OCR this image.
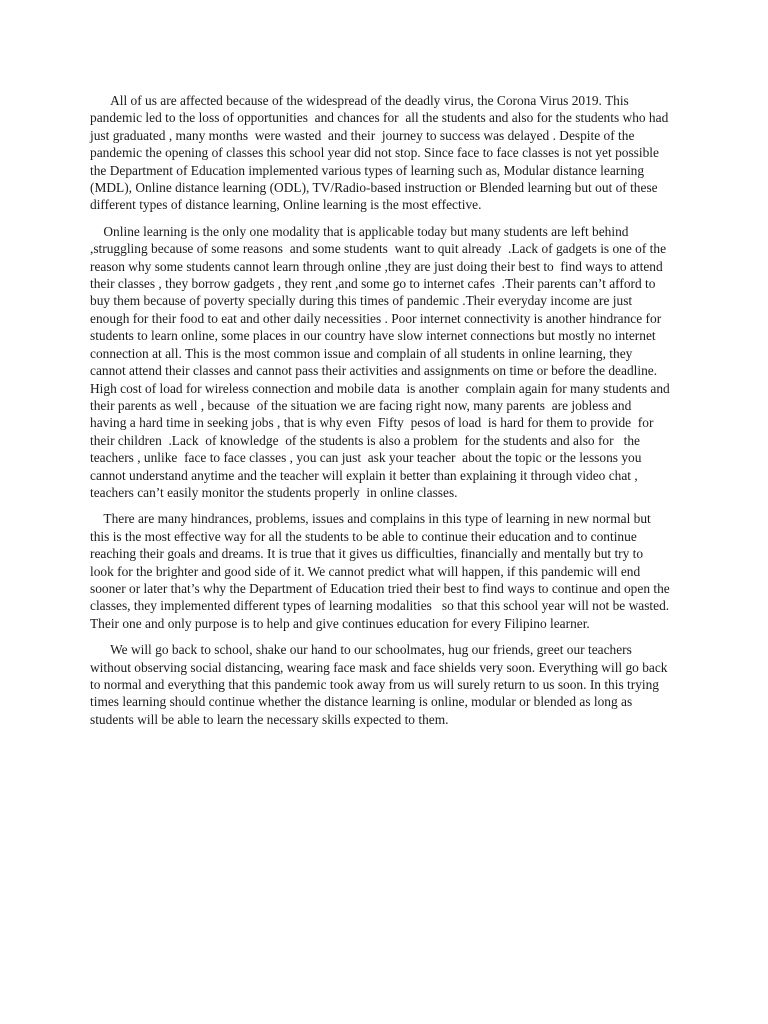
All of us are affected because of the widespread of the deadly virus, the Corona Virus 2019. This pandemic led to the loss of opportunities  and chances for  all the students and also for the students who had just graduated , many months  were wasted  and their  journey to success was delayed . Despite of the pandemic the opening of classes this school year did not stop. Since face to face classes is not yet possible the Department of Education implemented various types of learning such as, Modular distance learning (MDL), Online distance learning (ODL), TV/Radio-based instruction or Blended learning but out of these different types of distance learning, Online learning is the most effective.

Online learning is the only one modality that is applicable today but many students are left behind ,struggling because of some reasons  and some students  want to quit already  .Lack of gadgets is one of the reason why some students cannot learn through online ,they are just doing their best to  find ways to attend their classes , they borrow gadgets , they rent ,and some go to internet cafes  .Their parents can’t afford to buy them because of poverty specially during this times of pandemic .Their everyday income are just enough for their food to eat and other daily necessities . Poor internet connectivity is another hindrance for students to learn online, some places in our country have slow internet connections but mostly no internet connection at all. This is the most common issue and complain of all students in online learning, they cannot attend their classes and cannot pass their activities and assignments on time or before the deadline. High cost of load for wireless connection and mobile data  is another  complain again for many students and their parents as well , because  of the situation we are facing right now, many parents  are jobless and having a hard time in seeking jobs , that is why even  Fifty  pesos of load  is hard for them to provide  for their children  .Lack  of knowledge  of the students is also a problem  for the students and also for   the teachers , unlike  face to face classes , you can just  ask your teacher  about the topic or the lessons you cannot understand anytime and the teacher will explain it better than explaining it through video chat , teachers can’t easily monitor the students properly  in online classes.

There are many hindrances, problems, issues and complains in this type of learning in new normal but this is the most effective way for all the students to be able to continue their education and to continue reaching their goals and dreams. It is true that it gives us difficulties, financially and mentally but try to look for the brighter and good side of it. We cannot predict what will happen, if this pandemic will end sooner or later that’s why the Department of Education tried their best to find ways to continue and open the classes, they implemented different types of learning modalities   so that this school year will not be wasted. Their one and only purpose is to help and give continues education for every Filipino learner.

We will go back to school, shake our hand to our schoolmates, hug our friends, greet our teachers without observing social distancing, wearing face mask and face shields very soon. Everything will go back to normal and everything that this pandemic took away from us will surely return to us soon. In this trying times learning should continue whether the distance learning is online, modular or blended as long as students will be able to learn the necessary skills expected to them.
